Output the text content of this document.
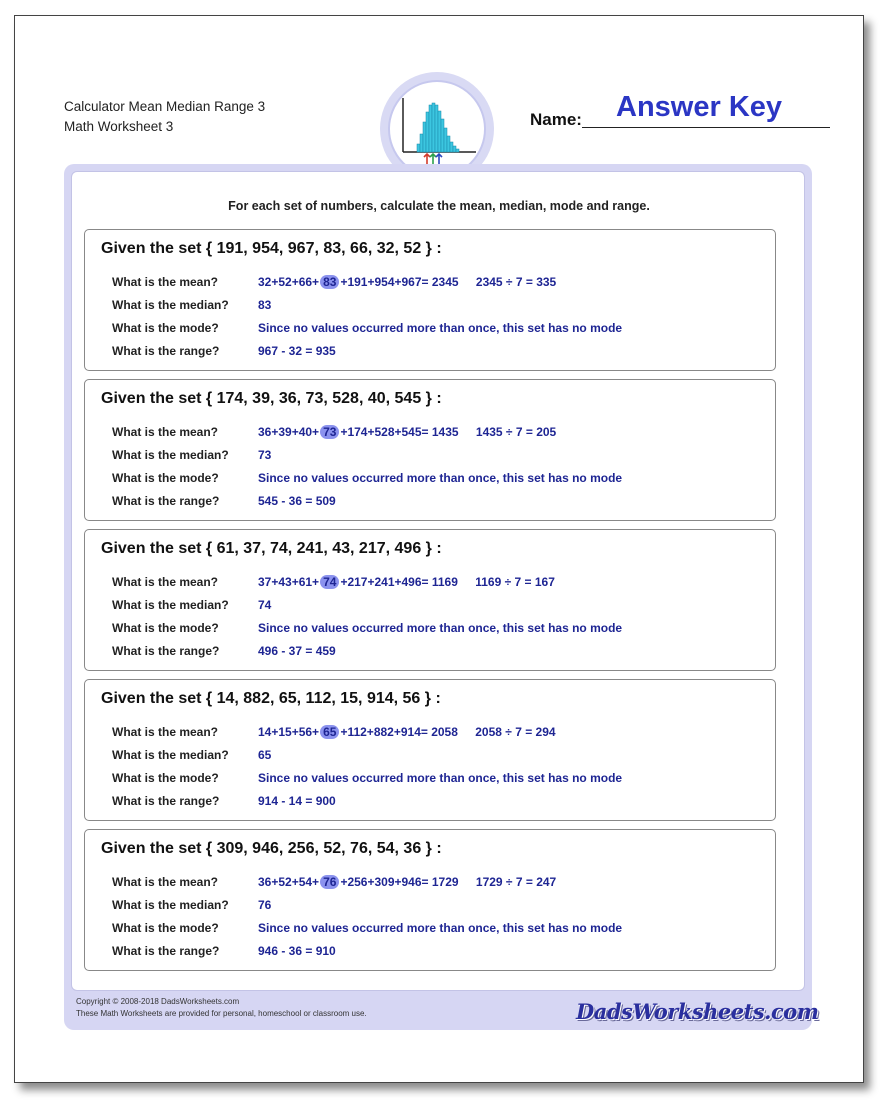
Calculator Mean Median Range 3
Math Worksheet 3	Name: Answer Key
For each set of numbers, calculate the mean, median, mode and range.
Given the set { 191, 954, 967, 83, 66, 32, 52 } :
What is the mean?	32+52+66+ 83 +191+954+967= 2345 2345 ÷ 7 = 335
What is the median? 83
What is the mode?	Since no values occurred more than once, this set has no mode
What is the range?	967 - 32 = 935
Given the set { 174, 39, 36, 73, 528, 40, 545 } :
What is the mean?	36+39+40+ 73 +174+528+545= 1435 1435 ÷ 7 = 205
What is the median? 73
What is the mode?	Since no values occurred more than once, this set has no mode
What is the range?	545 - 36 = 509
Given the set { 61, 37, 74, 241, 43, 217, 496 } :
What is the mean?	37+43+61+ 74 +217+241+496= 1169 1169 ÷ 7 = 167
What is the median? 74
What is the mode?	Since no values occurred more than once, this set has no mode
What is the range?	496 - 37 = 459
Given the set { 14, 882, 65, 112, 15, 914, 56 } :
What is the mean?	14+15+56+ 65 +112+882+914= 2058 2058 ÷ 7 = 294
What is the median? 65
What is the mode?	Since no values occurred more than once, this set has no mode
What is the range?	914 - 14 = 900
Given the set { 309, 946, 256, 52, 76, 54, 36 } :
What is the mean?	36+52+54+ 76 +256+309+946= 1729 1729 ÷ 7 = 247
What is the median? 76
What is the mode?	Since no values occurred more than once, this set has no mode
What is the range?	946 - 36 = 910
Copyright © 2008-2018 DadsWorksheets.com
These Math Worksheets are provided for personal, homeschool or classroom use.	DadsWorksheets.com
